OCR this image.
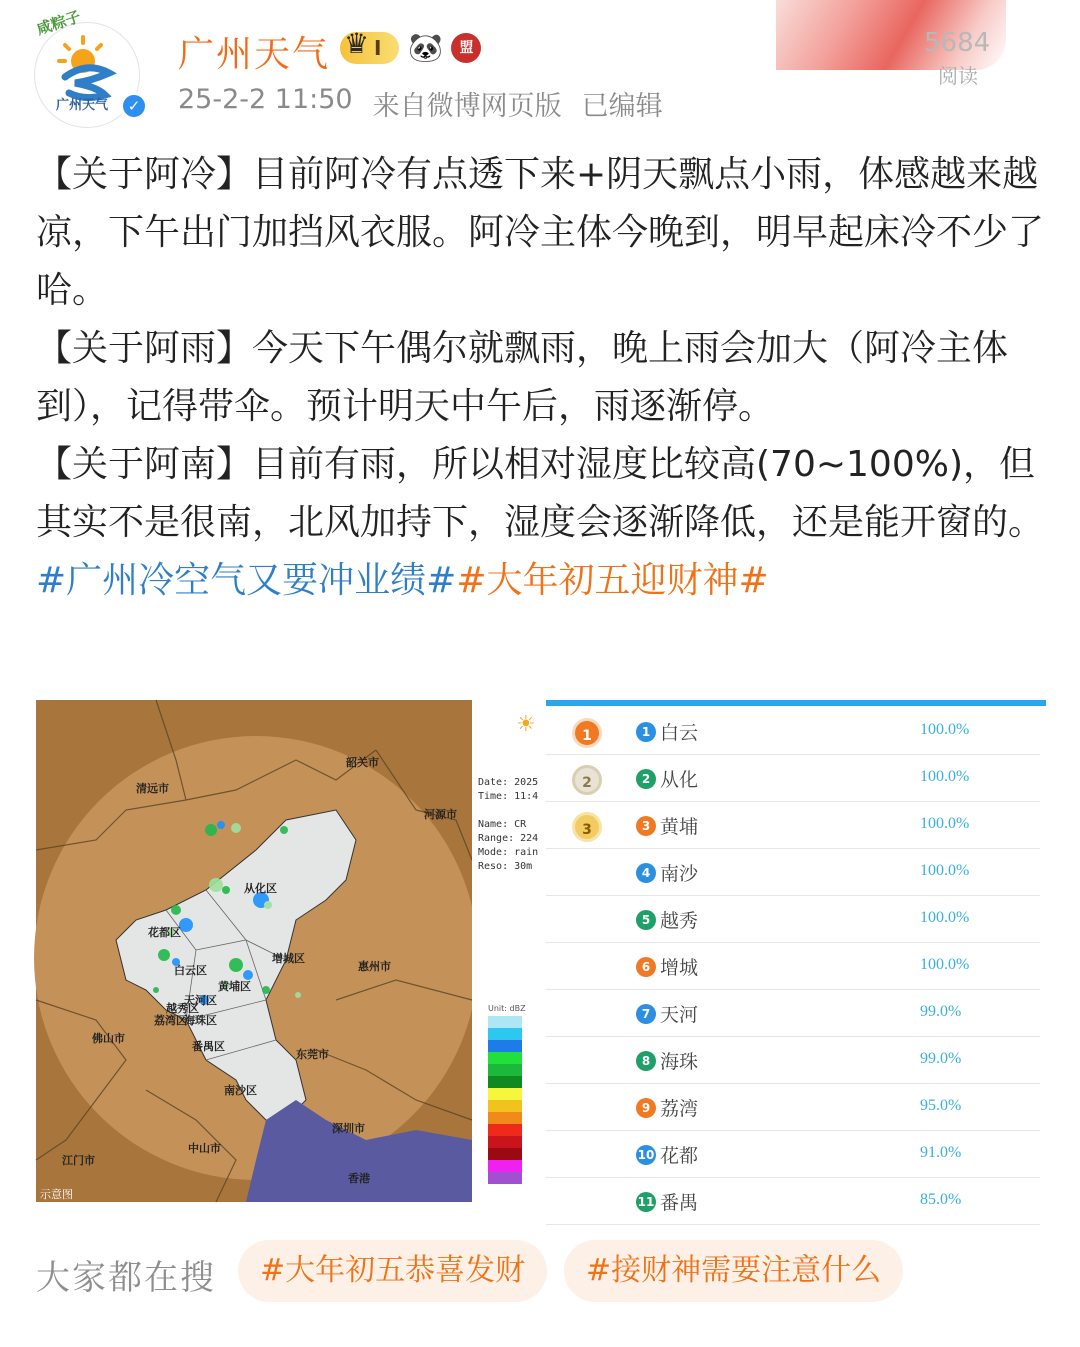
咸粽子
广州天气	✓
广州天气
♛	I 🐼	盟
25-2-2 11:50 来自微博网页版 已编辑
5684
阅读

【关于阿冷】目前阿冷有点透下来+阴天飘点小雨，体感越来越凉，下午出门加挡风衣服。阿冷主体今晚到，明早起床冷不少了哈。

【关于阿雨】今天下午偶尔就飘雨，晚上雨会加大（阿冷主体到），记得带伞。预计明天中午后，雨逐渐停。

【关于阿南】目前有雨，所以相对湿度比较高(70~100%)，但其实不是很南，北风加持下，湿度会逐渐降低，还是能开窗的。

#广州冷空气又要冲业绩##大年初五迎财神#

清远市
韶关市
河源市
从化区
花都区
增城区
惠州市
白云区
天河区
越秀区
荔湾区
海珠区
黄埔区
佛山市
番禺区
东莞市
南沙区
中山市
深圳市
江门市
香港
示意图
☀
Date: 2025
Time: 11:4

Name: CR
Range: 224
Mode: rain
Reso: 30m
Unit: dBZ
1	1 白云	100.0%
2	2 从化	100.0%
3	3 黄埔	100.0%
4 南沙	100.0%
5 越秀	100.0%
6 增城	100.0%
7 天河	99.0%
8 海珠	99.0%
9 荔湾	95.0%
10 花都	91.0%
11 番禺	85.0%
大家都在搜	#大年初五恭喜发财	#接财神需要注意什么
